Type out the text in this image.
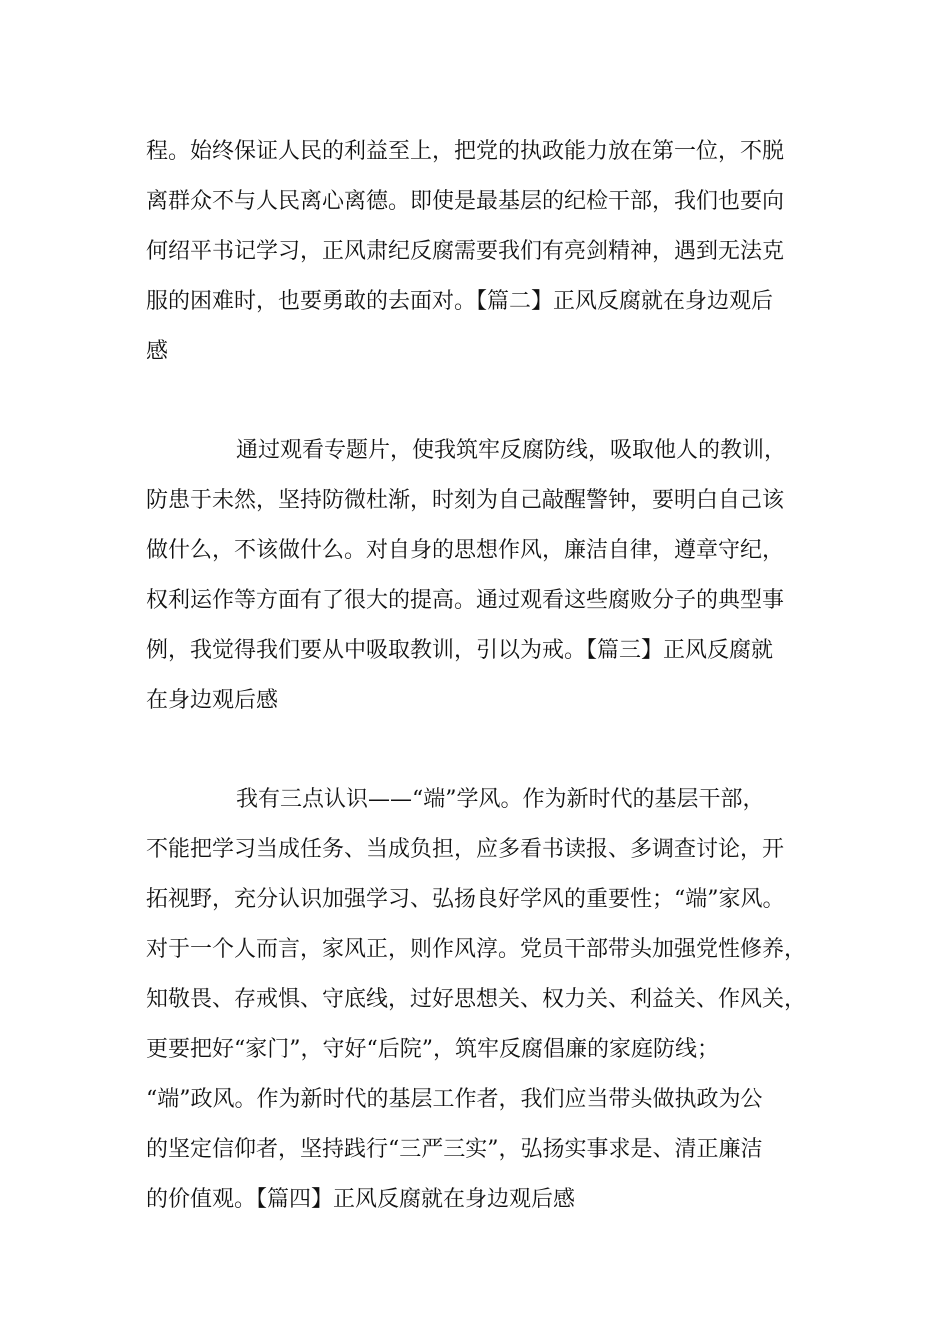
程。始终保证人民的利益至上，把党的执政能力放在第一位，不脱
离群众不与人民离心离德。即使是最基层的纪检干部，我们也要向
何绍平书记学习，正风肃纪反腐需要我们有亮剑精神，遇到无法克
服的困难时，也要勇敢的去面对。【篇二】正风反腐就在身边观后
感
通过观看专题片，使我筑牢反腐防线，吸取他人的教训，
防患于未然，坚持防微杜渐，时刻为自己敲醒警钟，要明白自己该
做什么，不该做什么。对自身的思想作风，廉洁自律，遵章守纪，
权利运作等方面有了很大的提高。通过观看这些腐败分子的典型事
例，我觉得我们要从中吸取教训，引以为戒。【篇三】正风反腐就
在身边观后感
我有三点认识——“端”学风。作为新时代的基层干部，
不能把学习当成任务、当成负担，应多看书读报、多调查讨论，开
拓视野，充分认识加强学习、弘扬良好学风的重要性；“端”家风。
对于一个人而言，家风正，则作风淳。党员干部带头加强党性修养，
知敬畏、存戒惧、守底线，过好思想关、权力关、利益关、作风关，
更要把好“家门”，守好“后院”，筑牢反腐倡廉的家庭防线；
“端”政风。作为新时代的基层工作者，我们应当带头做执政为公
的坚定信仰者，坚持践行“三严三实”，弘扬实事求是、清正廉洁
的价值观。【篇四】正风反腐就在身边观后感
